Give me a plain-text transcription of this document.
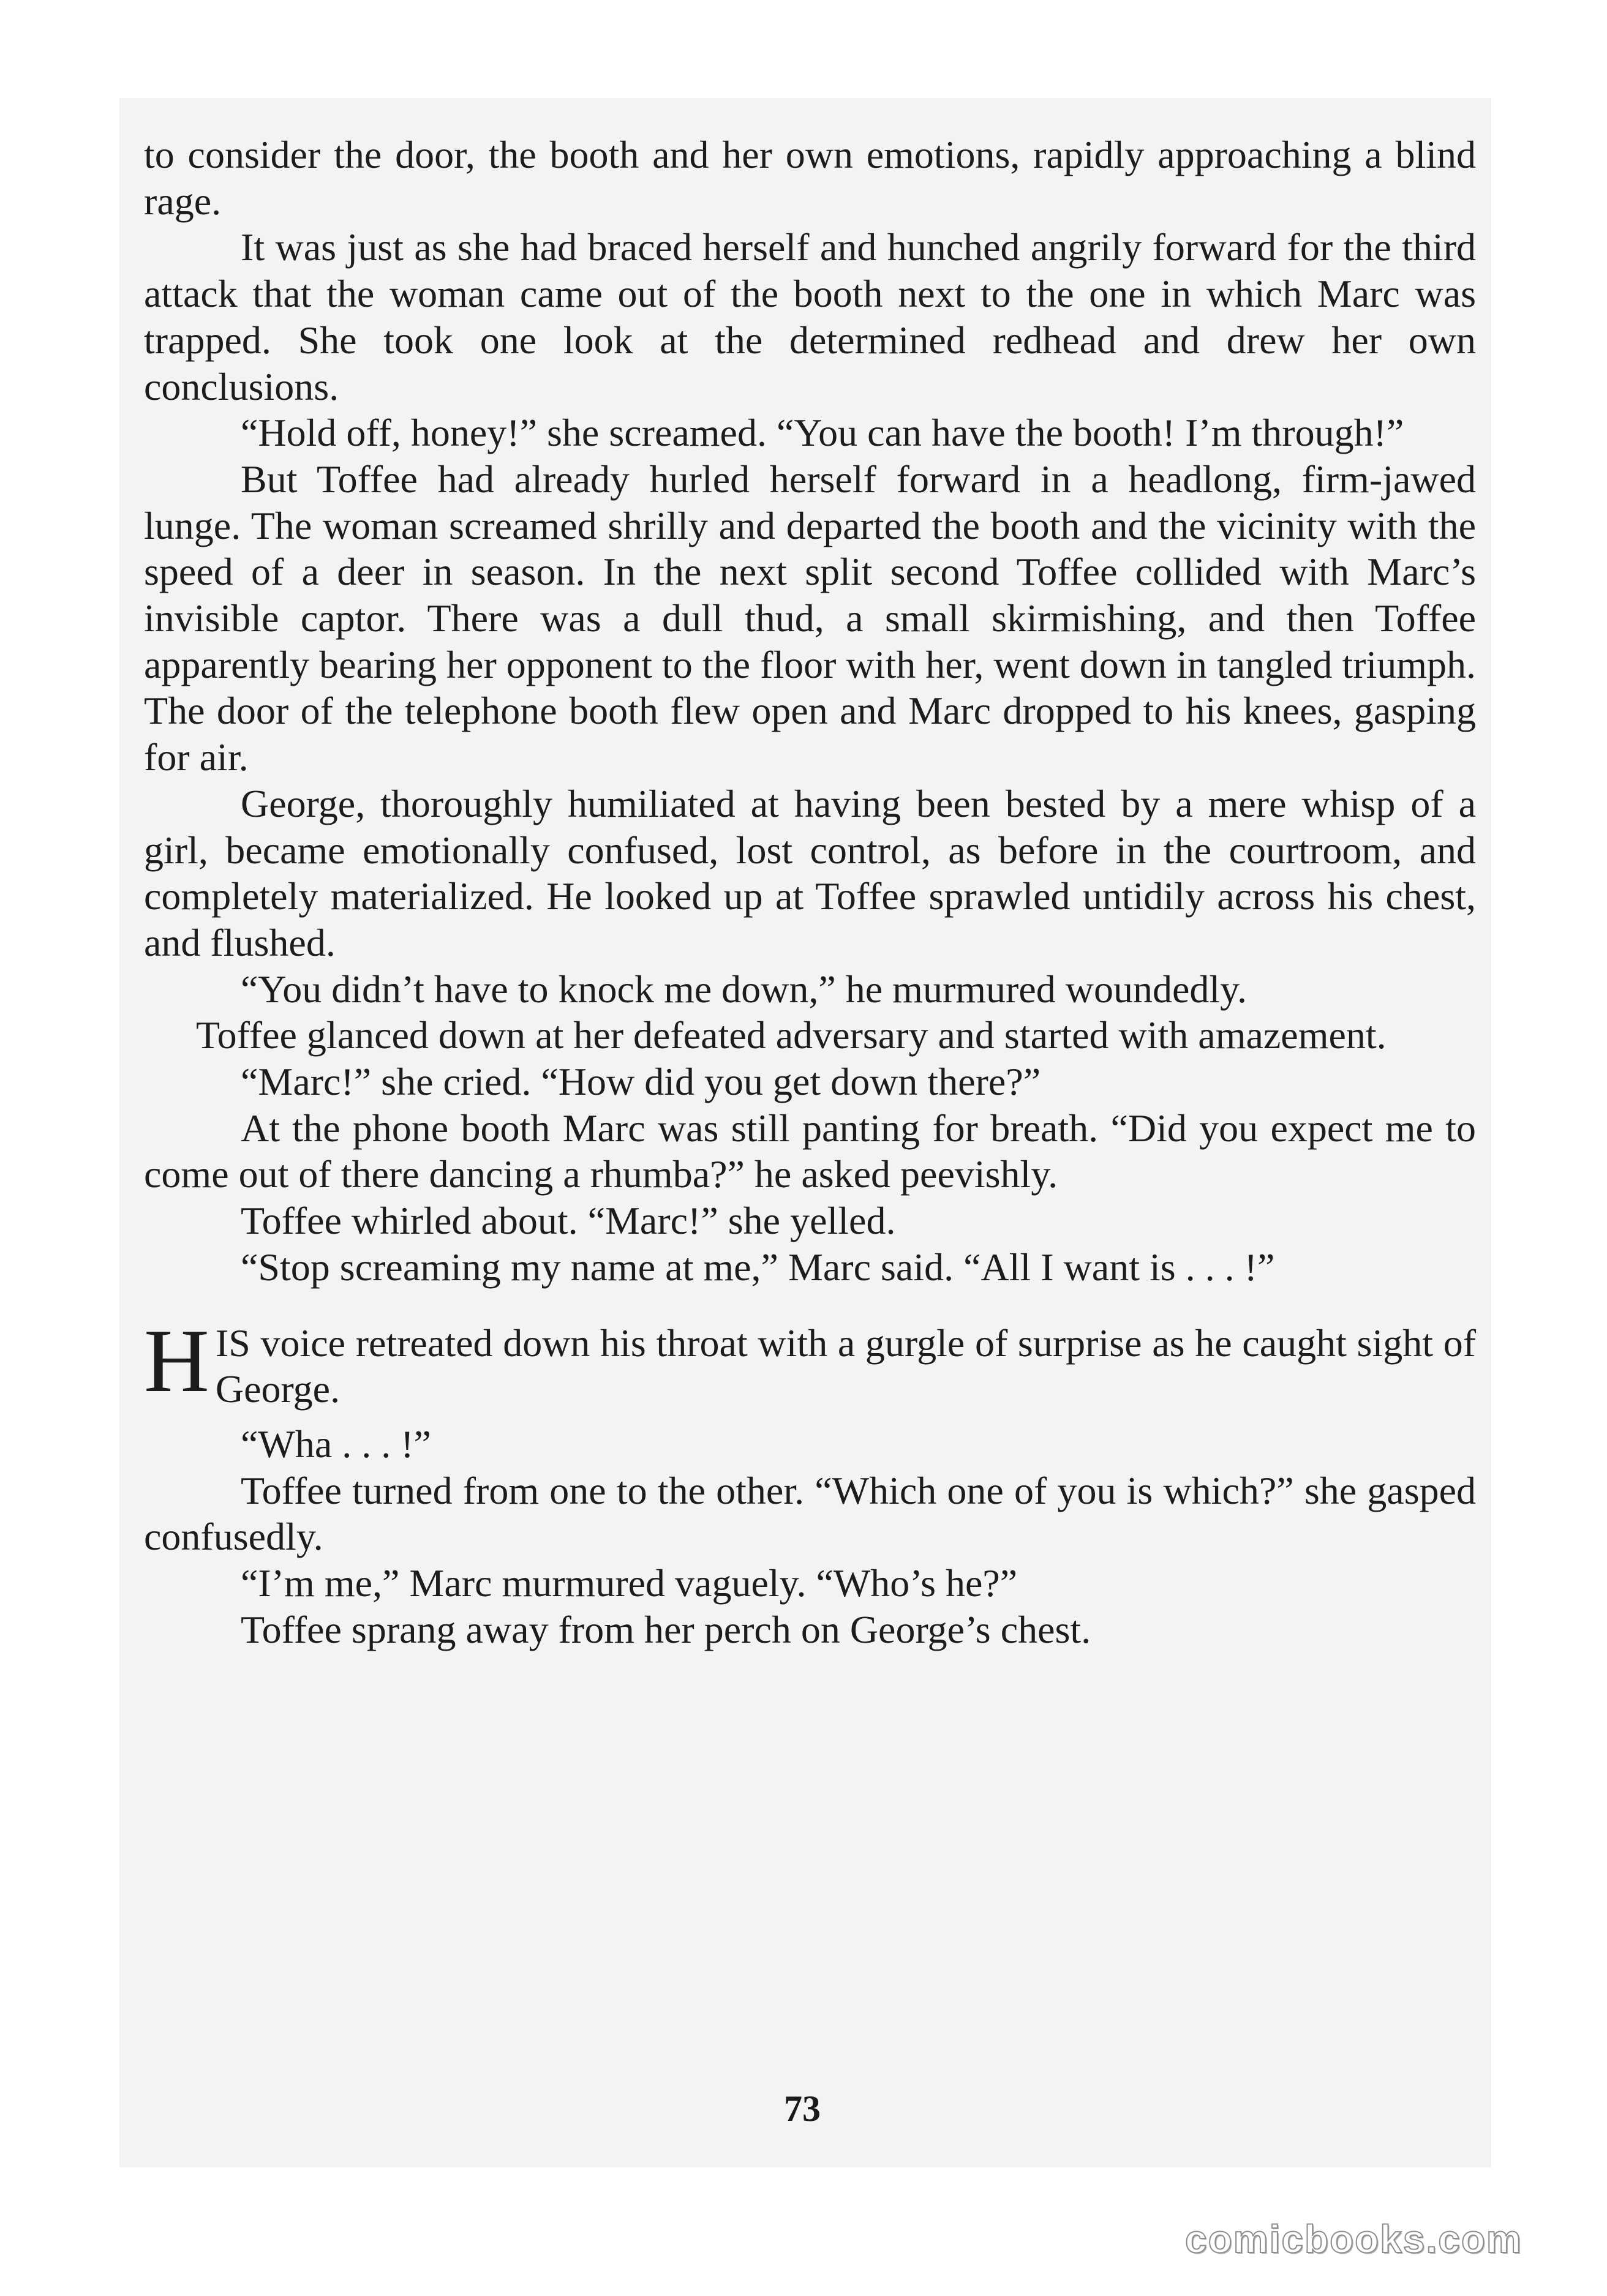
to consider the door, the booth and her own emotions, rapidly approaching a blind rage.

It was just as she had braced herself and hunched angrily forward for the third attack that the woman came out of the booth next to the one in which Marc was trapped. She took one look at the determined redhead and drew her own conclusions.

“Hold off, honey!” she screamed. “You can have the booth! I’m through!”

But Toffee had already hurled herself forward in a headlong, firm-jawed lunge. The woman screamed shrilly and departed the booth and the vicinity with the speed of a deer in season. In the next split second Toffee collided with Marc’s invisible captor. There was a dull thud, a small skirmishing, and then Toffee apparently bearing her opponent to the floor with her, went down in tangled triumph. The door of the telephone booth flew open and Marc dropped to his knees, gasping for air.

George, thoroughly humiliated at having been bested by a mere whisp of a girl, became emotionally confused, lost control, as before in the courtroom, and completely materialized. He looked up at Toffee sprawled untidily across his chest, and flushed.

“You didn’t have to knock me down,” he murmured woundedly.

Toffee glanced down at her defeated adversary and started with amazement.

“Marc!” she cried. “How did you get down there?”

At the phone booth Marc was still panting for breath. “Did you expect me to come out of there dancing a rhumba?” he asked peevishly.

Toffee whirled about. “Marc!” she yelled.

“Stop screaming my name at me,” Marc said. “All I want is . . . !”

HIS voice retreated down his throat with a gurgle of surprise as he caught sight of George.

“Wha . . . !”

Toffee turned from one to the other. “Which one of you is which?” she gasped confusedly.

“I’m me,” Marc murmured vaguely. “Who’s he?”

Toffee sprang away from her perch on George’s chest.

73
comicbooks.com
